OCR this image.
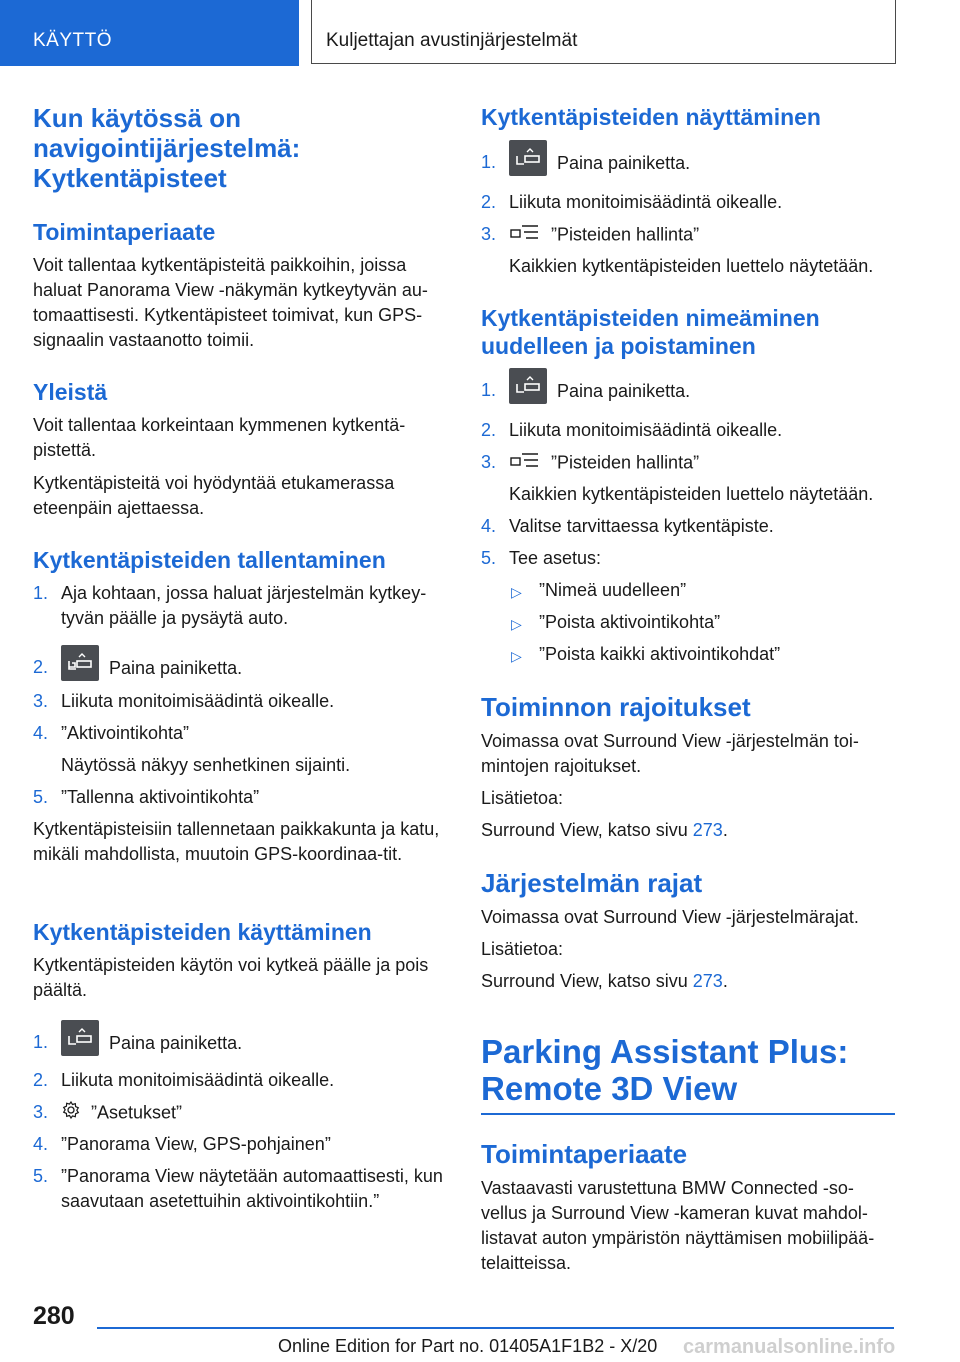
KÄYTTÖ	Kuljettajan avustinjärjestelmät
Kun käytössä on navigointijärjestelmä: Kytkentäpisteet
Toimintaperiaate

Voit tallentaa kytkentäpisteitä paikkoihin, joissa haluat Panorama View -näkymän kytkeytyvän au-tomaattisesti. Kytkentäpisteet toimivat, kun GPS-signaalin vastaanotto toimii.

Yleistä

Voit tallentaa korkeintaan kymmenen kytkentä-pistettä.

Kytkentäpisteitä voi hyödyntää etukamerassa eteenpäin ajettaessa.

Kytkentäpisteiden tallentaminen
1. Aja kohtaan, jossa haluat järjestelmän kytkey-tyvän päälle ja pysäytä auto.
2.	Paina painiketta.
3. Liikuta monitoimisäädintä oikealle.
4. ”Aktivointikohta”
Näytössä näkyy senhetkinen sijainti.
5. ”Tallenna aktivointikohta”

Kytkentäpisteisiin tallennetaan paikkakunta ja katu, mikäli mahdollista, muutoin GPS-koordinaa-tit.

Kytkentäpisteiden käyttäminen

Kytkentäpisteiden käytön voi kytkeä päälle ja pois päältä.

1.	Paina painiketta.
2. Liikuta monitoimisäädintä oikealle.
3.	”Asetukset”
4. ”Panorama View, GPS-pohjainen”
5. ”Panorama View näytetään automaattisesti, kun saavutaan asetettuihin aktivointikohtiin.”
Kytkentäpisteiden näyttäminen
1.	Paina painiketta.
2. Liikuta monitoimisäädintä oikealle.
3.	”Pisteiden hallinta”
Kaikkien kytkentäpisteiden luettelo näytetään.
Kytkentäpisteiden nimeäminen uudelleen ja poistaminen
1.	Paina painiketta.
2. Liikuta monitoimisäädintä oikealle.
3.	”Pisteiden hallinta”
Kaikkien kytkentäpisteiden luettelo näytetään.
4. Valitse tarvittaessa kytkentäpiste.
5. Tee asetus:
▷ ”Nimeä uudelleen”
▷ ”Poista aktivointikohta”
▷ ”Poista kaikki aktivointikohdat”
Toiminnon rajoitukset

Voimassa ovat Surround View -järjestelmän toi-mintojen rajoitukset.

Lisätietoa:

Surround View, katso sivu 273.

Järjestelmän rajat

Voimassa ovat Surround View -järjestelmärajat.

Lisätietoa:

Surround View, katso sivu 273.

Parking Assistant Plus: Remote 3D View
Toimintaperiaate

Vastaavasti varustettuna BMW Connected -so-vellus ja Surround View -kameran kuvat mahdol-listavat auton ympäristön näyttämisen mobiilipää-telaitteissa.

280
Online Edition for Part no. 01405A1F1B2 - X/20 carmanualsonline.info
